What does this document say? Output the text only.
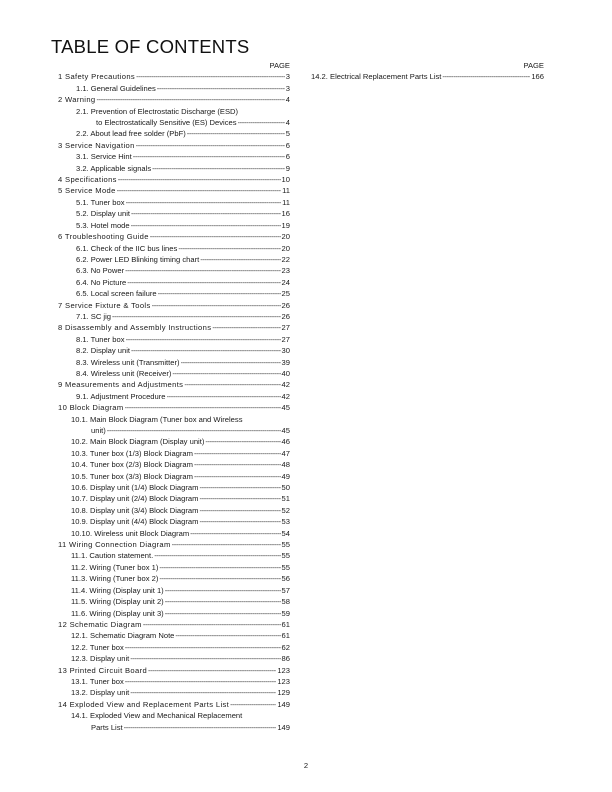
TABLE OF CONTENTS
PAGE
1 Safety Precautions -----	3
1.1. General Guidelines -----	3
2 Warning -----	4
2.1. Prevention of Electrostatic Discharge (ESD)
to Electrostatically Sensitive (ES) Devices -----	4
2.2. About lead free solder (PbF) -----	5
3 Service Navigation -----	6
3.1. Service Hint -----	6
3.2. Applicable signals -----	9
4 Specifications -----	10
5 Service Mode -----	11
5.1. Tuner box -----	11
5.2. Display unit -----	16
5.3. Hotel mode -----	19
6 Troubleshooting Guide -----	20
6.1. Check of the IIC bus lines -----	20
6.2. Power LED Blinking timing chart -----	22
6.3. No Power -----	23
6.4. No Picture -----	24
6.5. Local screen failure -----	25
7 Service Fixture & Tools -----	26
7.1. SC jig -----	26
8 Disassembly and Assembly Instructions -----	27
8.1. Tuner box -----	27
8.2. Display unit -----	30
8.3. Wireless unit (Transmitter) -----	39
8.4. Wireless unit (Receiver) -----	40
9 Measurements and Adjustments -----	42
9.1. Adjustment Procedure -----	42
10 Block Diagram -----	45
10.1. Main Block Diagram (Tuner box and Wireless
unit) -----	45
10.2. Main Block Diagram (Display unit) -----	46
10.3. Tuner box (1/3) Block Diagram -----	47
10.4. Tuner box (2/3) Block Diagram -----	48
10.5. Tuner box (3/3) Block Diagram -----	49
10.6. Display unit (1/4) Block Diagram -----	50
10.7. Display unit (2/4) Block Diagram -----	51
10.8. Display unit (3/4) Block Diagram -----	52
10.9. Display unit (4/4) Block Diagram -----	53
10.10. Wireless unit Block Diagram -----	54
11 Wiring Connection Diagram -----	55
11.1. Caution statement. -----	55
11.2. Wiring (Tuner box 1) -----	55
11.3. Wiring (Tuner box 2) -----	56
11.4. Wiring (Display unit 1) -----	57
11.5. Wiring (Display unit 2) -----	58
11.6. Wiring (Display unit 3) -----	59
12 Schematic Diagram -----	61
12.1. Schematic Diagram Note -----	61
12.2. Tuner box -----	62
12.3. Display unit -----	86
13 Printed Circuit Board -----	123
13.1. Tuner box -----	123
13.2. Display unit -----	129
14 Exploded View and Replacement Parts List -----	149
14.1. Exploded View and Mechanical Replacement
Parts List -----	149
PAGE
14.2. Electrical Replacement Parts List -----	166
2
